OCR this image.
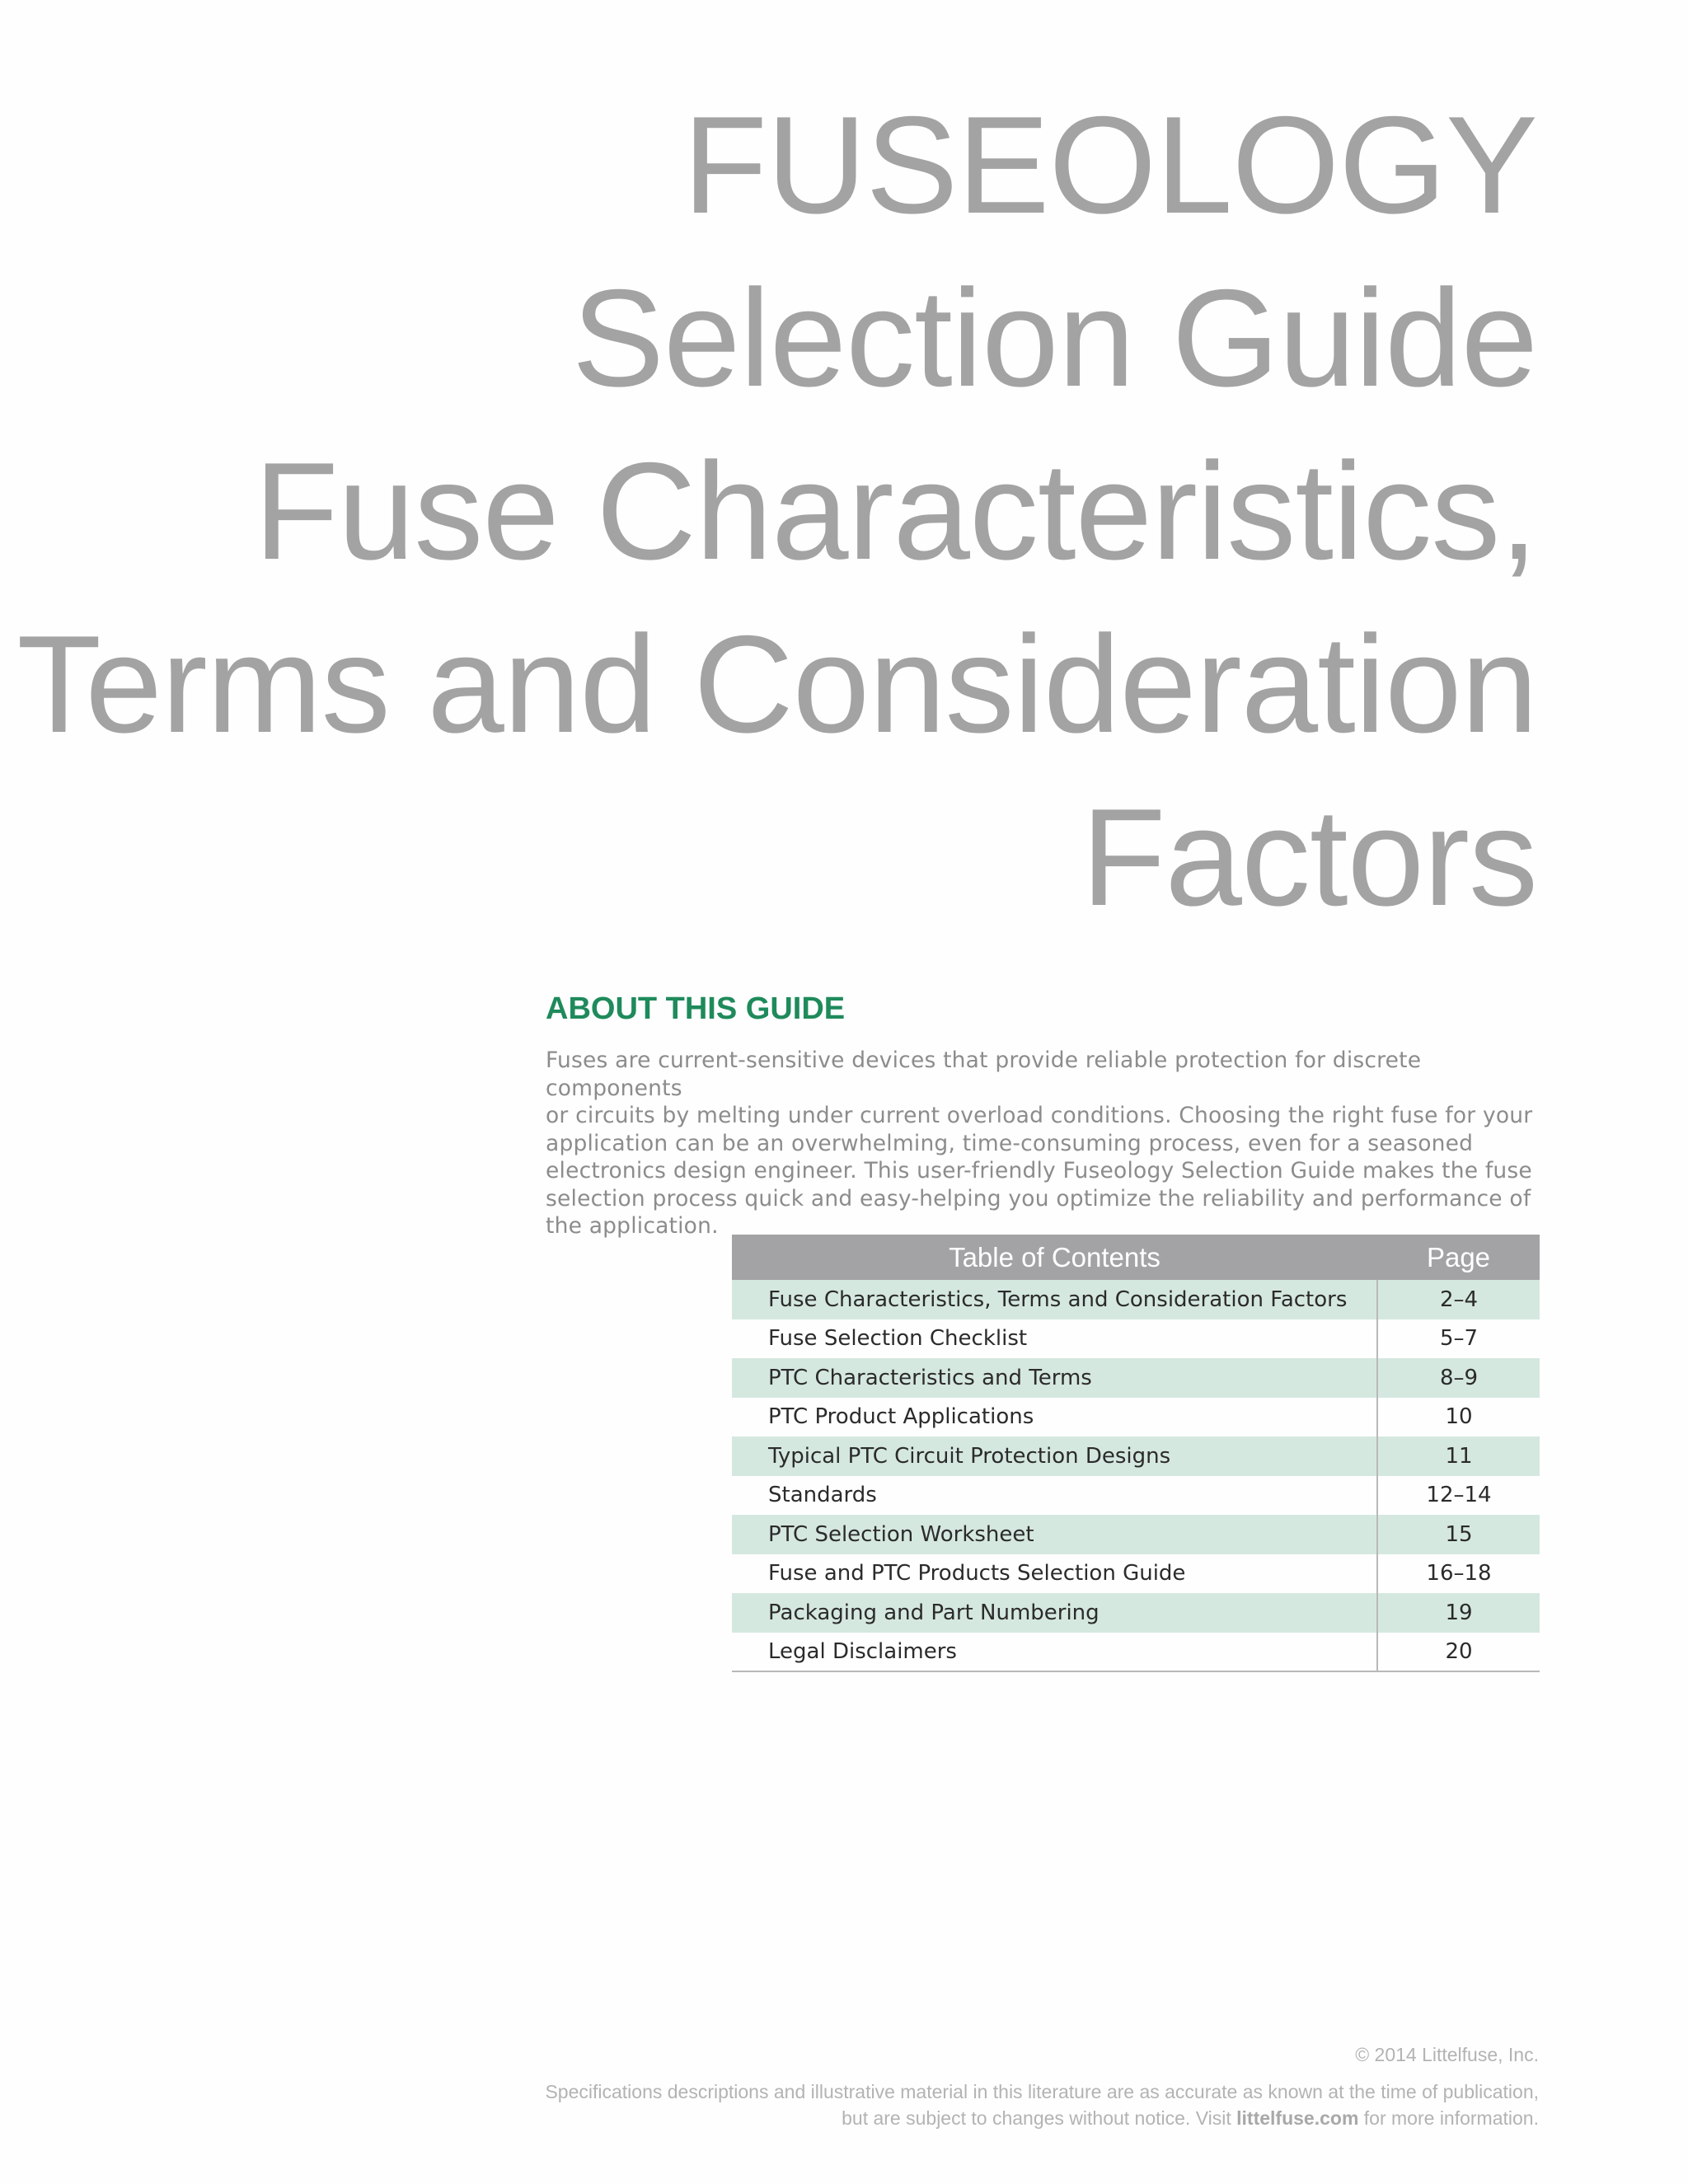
FUSEOLOGY
Selection Guide
Fuse Characteristics,
Terms and Consideration
Factors
ABOUT THIS GUIDE
Fuses are current-sensitive devices that provide reliable protection for discrete components
or circuits by melting under current overload conditions. Choosing the right fuse for your
application can be an overwhelming, time-consuming process, even for a seasoned
electronics design engineer. This user-friendly Fuseology Selection Guide makes the fuse
selection process quick and easy-helping you optimize the reliability and performance of
the application.
Table of Contents	Page
Fuse Characteristics, Terms and Consideration Factors	2–4
Fuse Selection Checklist	5–7
PTC Characteristics and Terms	8–9
PTC Product Applications	10
Typical PTC Circuit Protection Designs	11
Standards	12–14
PTC Selection Worksheet	15
Fuse and PTC Products Selection Guide	16–18
Packaging and Part Numbering	19
Legal Disclaimers	20
© 2014 Littelfuse, Inc.
Specifications descriptions and illustrative material in this literature are as accurate as known at the time of publication,
but are subject to changes without notice. Visit littelfuse.com for more information.
